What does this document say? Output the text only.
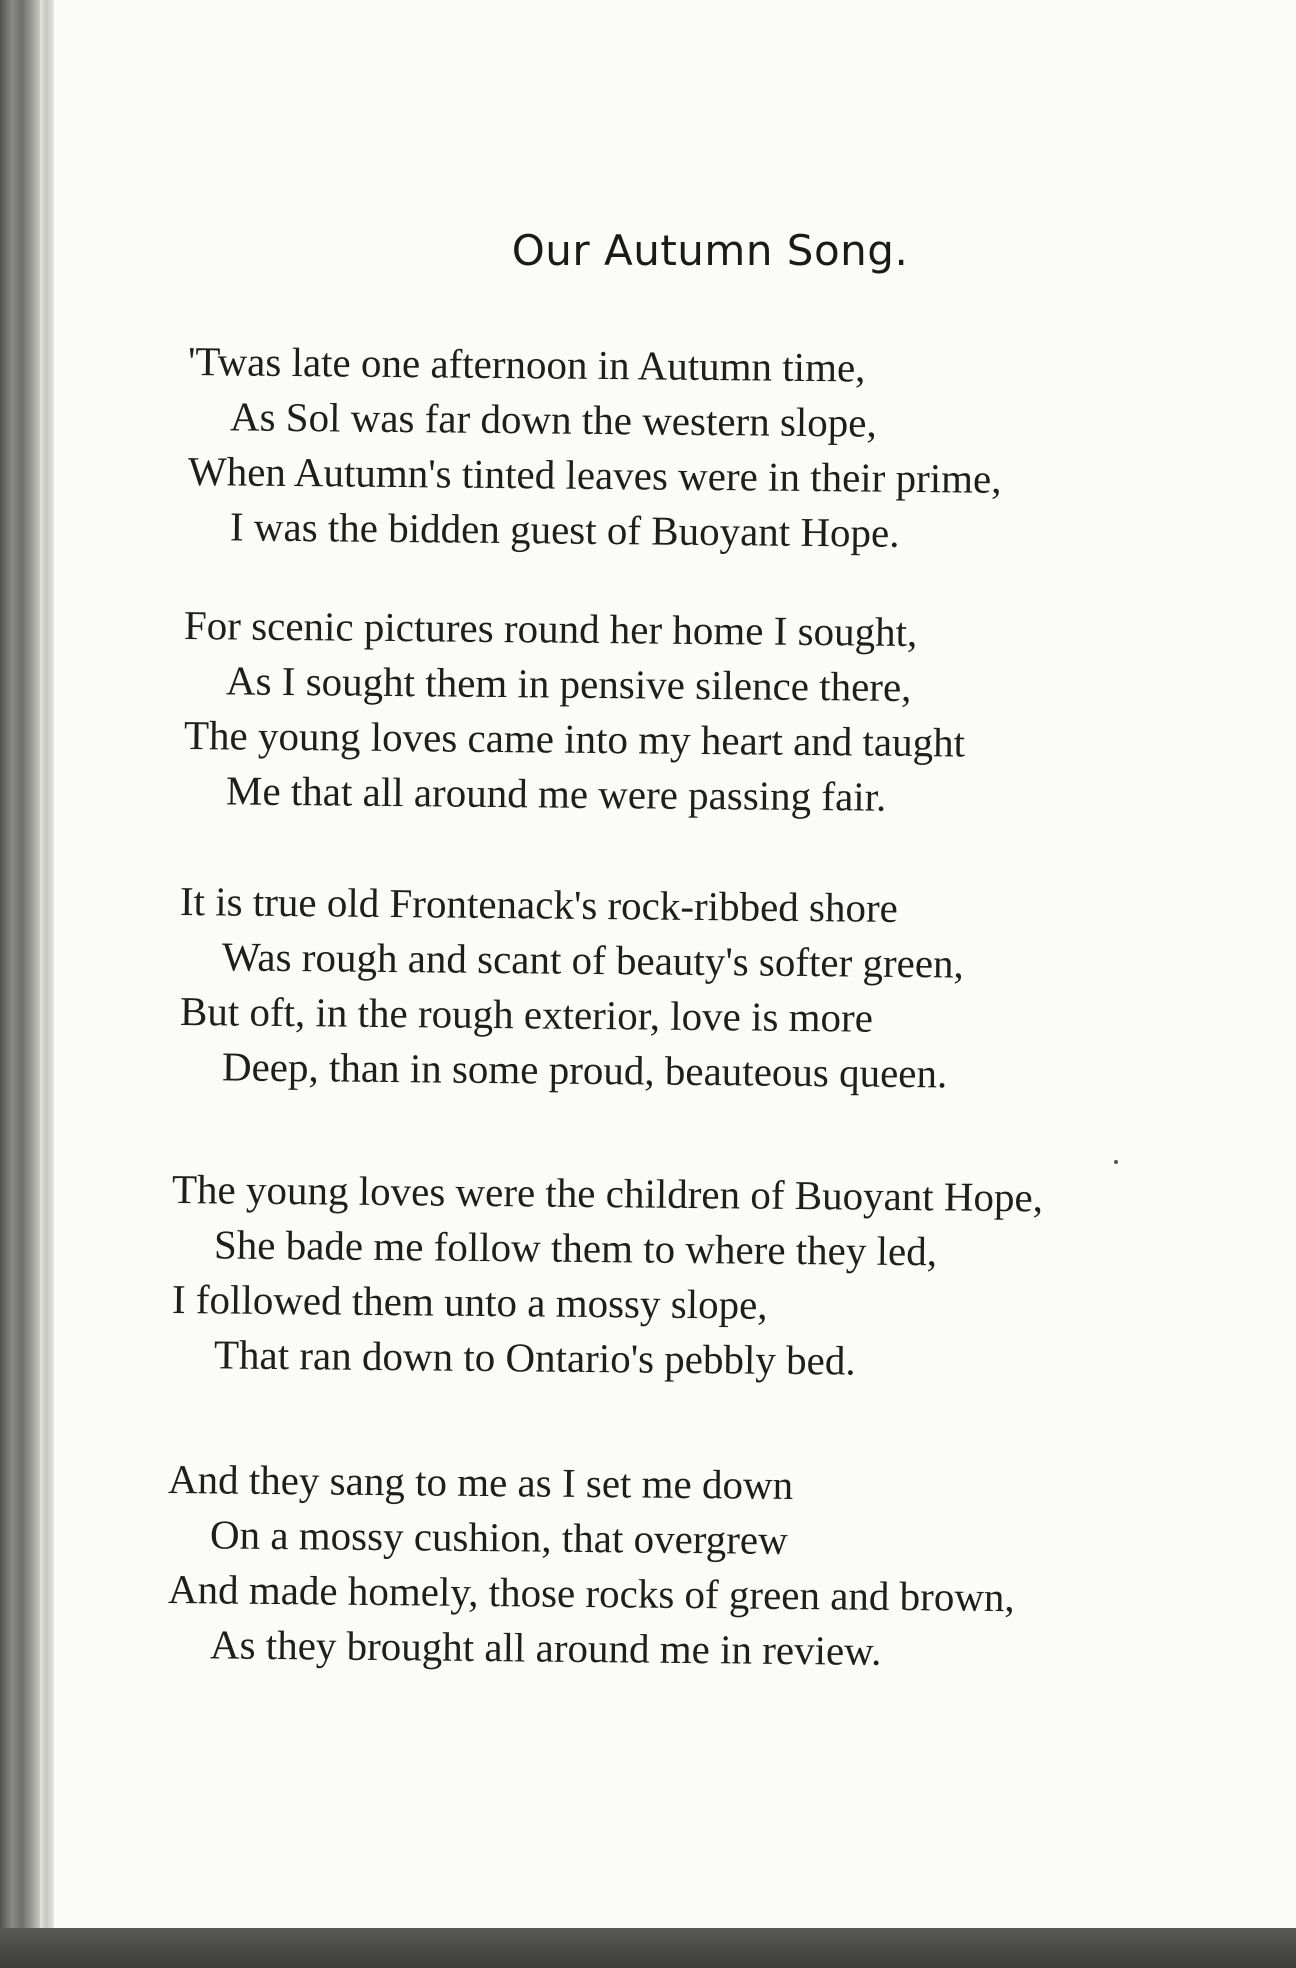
Our Autumn Song.
'Twas late one afternoon in Autumn time,
As Sol was far down the western slope,
When Autumn's tinted leaves were in their prime,
I was the bidden guest of Buoyant Hope.
For scenic pictures round her home I sought,
As I sought them in pensive silence there,
The young loves came into my heart and taught
Me that all around me were passing fair.
It is true old Frontenack's rock-ribbed shore
Was rough and scant of beauty's softer green,
But oft, in the rough exterior, love is more
Deep, than in some proud, beauteous queen.
The young loves were the children of Buoyant Hope,
She bade me follow them to where they led,
I followed them unto a mossy slope,
That ran down to Ontario's pebbly bed.
And they sang to me as I set me down
On a mossy cushion, that overgrew
And made homely, those rocks of green and brown,
As they brought all around me in review.
